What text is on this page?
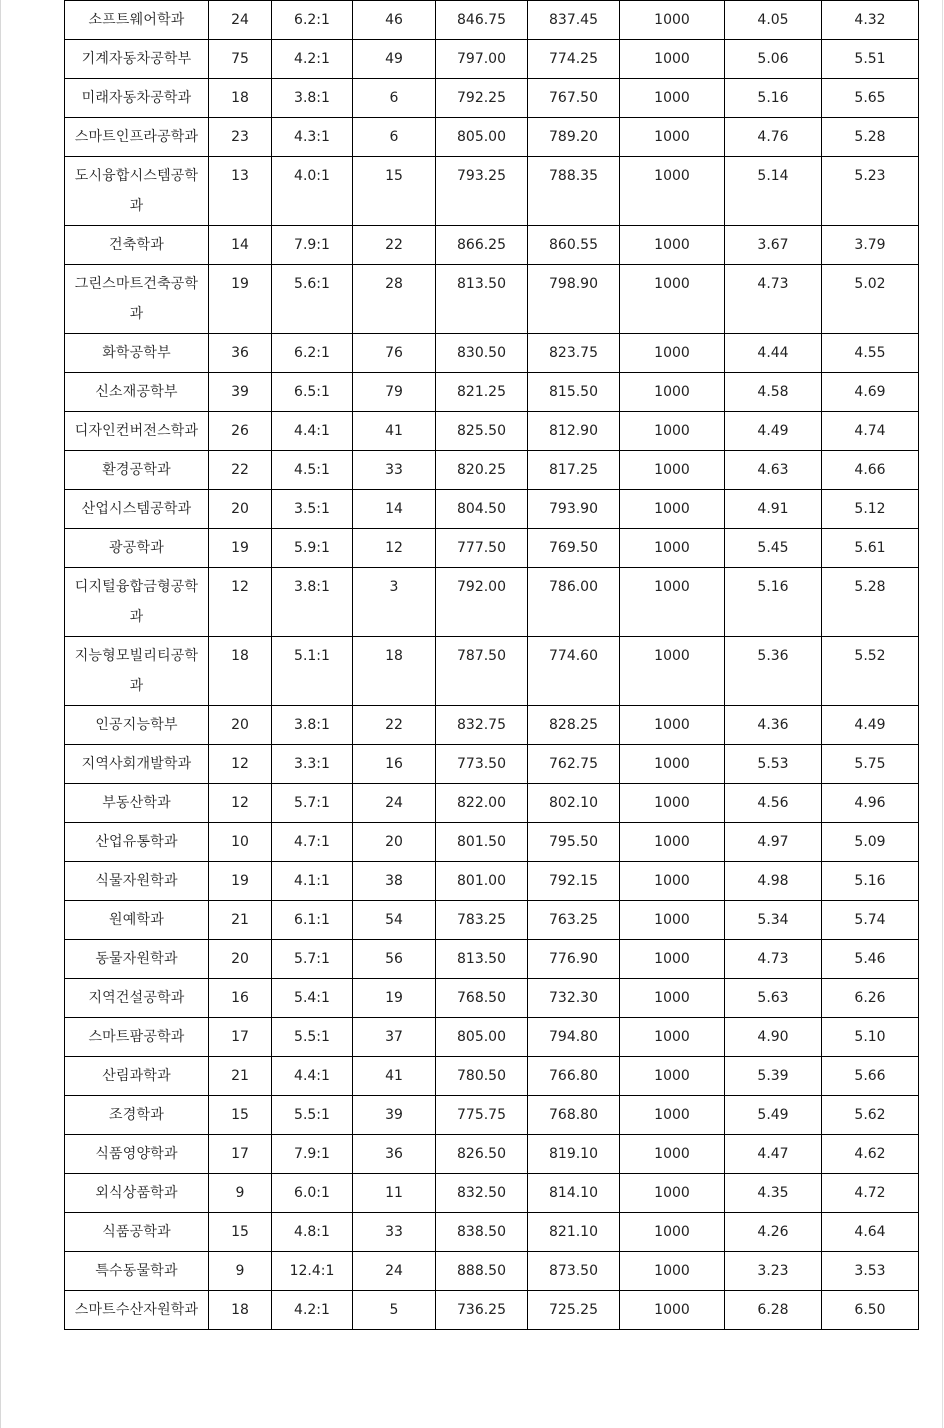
소프트웨어학과	24	6.2:1	46	846.75	837.45	1000	4.05	4.32
기계자동차공학부	75	4.2:1	49	797.00	774.25	1000	5.06	5.51
미래자동차공학과	18	3.8:1	6	792.25	767.50	1000	5.16	5.65
스마트인프라공학과	23	4.3:1	6	805.00	789.20	1000	4.76	5.28
도시융합시스템공학과	13	4.0:1	15	793.25	788.35	1000	5.14	5.23
건축학과	14	7.9:1	22	866.25	860.55	1000	3.67	3.79
그린스마트건축공학과	19	5.6:1	28	813.50	798.90	1000	4.73	5.02
화학공학부	36	6.2:1	76	830.50	823.75	1000	4.44	4.55
신소재공학부	39	6.5:1	79	821.25	815.50	1000	4.58	4.69
디자인컨버전스학과	26	4.4:1	41	825.50	812.90	1000	4.49	4.74
환경공학과	22	4.5:1	33	820.25	817.25	1000	4.63	4.66
산업시스템공학과	20	3.5:1	14	804.50	793.90	1000	4.91	5.12
광공학과	19	5.9:1	12	777.50	769.50	1000	5.45	5.61
디지털융합금형공학과	12	3.8:1	3	792.00	786.00	1000	5.16	5.28
지능형모빌리티공학과	18	5.1:1	18	787.50	774.60	1000	5.36	5.52
인공지능학부	20	3.8:1	22	832.75	828.25	1000	4.36	4.49
지역사회개발학과	12	3.3:1	16	773.50	762.75	1000	5.53	5.75
부동산학과	12	5.7:1	24	822.00	802.10	1000	4.56	4.96
산업유통학과	10	4.7:1	20	801.50	795.50	1000	4.97	5.09
식물자원학과	19	4.1:1	38	801.00	792.15	1000	4.98	5.16
원예학과	21	6.1:1	54	783.25	763.25	1000	5.34	5.74
동물자원학과	20	5.7:1	56	813.50	776.90	1000	4.73	5.46
지역건설공학과	16	5.4:1	19	768.50	732.30	1000	5.63	6.26
스마트팜공학과	17	5.5:1	37	805.00	794.80	1000	4.90	5.10
산림과학과	21	4.4:1	41	780.50	766.80	1000	5.39	5.66
조경학과	15	5.5:1	39	775.75	768.80	1000	5.49	5.62
식품영양학과	17	7.9:1	36	826.50	819.10	1000	4.47	4.62
외식상품학과	9	6.0:1	11	832.50	814.10	1000	4.35	4.72
식품공학과	15	4.8:1	33	838.50	821.10	1000	4.26	4.64
특수동물학과	9	12.4:1	24	888.50	873.50	1000	3.23	3.53
스마트수산자원학과	18	4.2:1	5	736.25	725.25	1000	6.28	6.50
